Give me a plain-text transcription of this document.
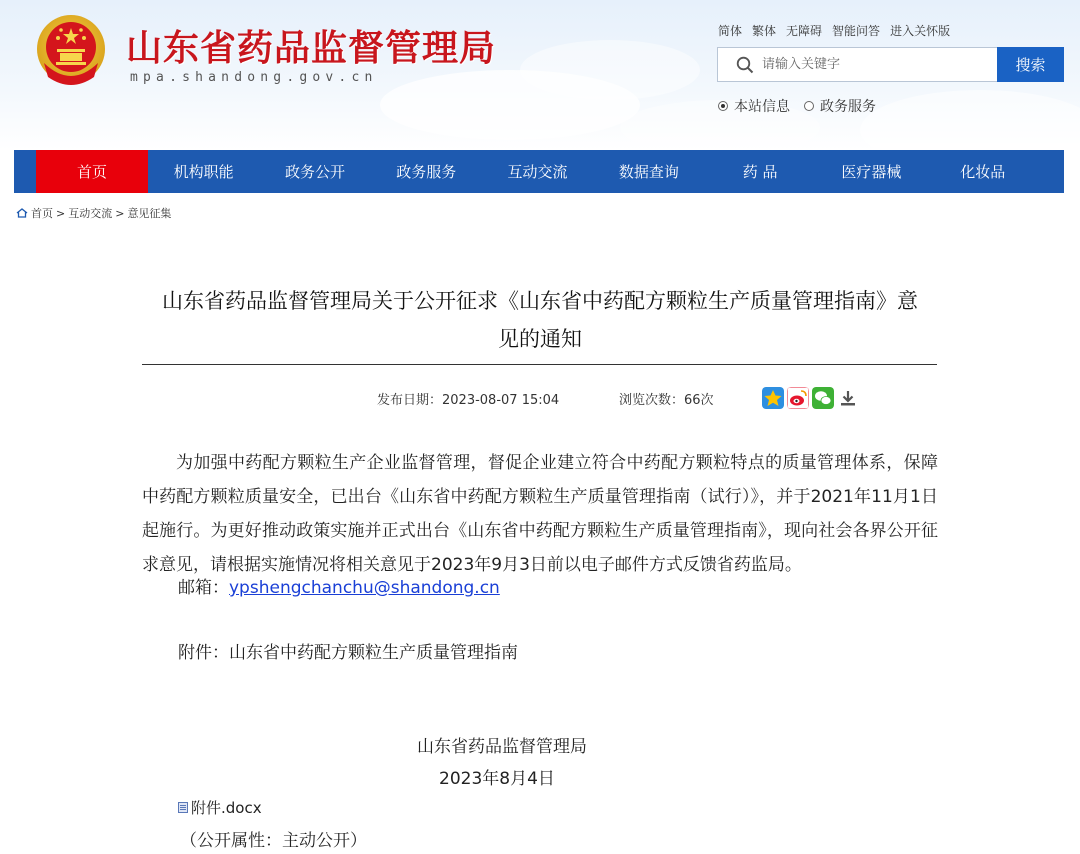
山东省药品监督管理局
mpa.shandong.gov.cn
简体 繁体 无障碍 智能问答 进入关怀版
请输入关键字
搜索
本站信息 政务服务
首页	机构职能	政务公开	政务服务	互动交流	数据查询	药 品	医疗器械	化妆品
首页 > 互动交流 > 意见征集
山东省药品监督管理局关于公开征求《山东省中药配方颗粒生产质量管理指南》意
见的通知
发布日期：2023-08-07 15:04	浏览次数：66次
为加强中药配方颗粒生产企业监督管理，督促企业建立符合中药配方颗粒特点的质量管理体系，保障中药配方颗粒质量安全，已出台《山东省中药配方颗粒生产质量管理指南（试行）》，并于2021年11月1日起施行。为更好推动政策实施并正式出台《山东省中药配方颗粒生产质量管理指南》，现向社会各界公开征求意见，请根据实施情况将相关意见于2023年9月3日前以电子邮件方式反馈省药监局。
邮箱：ypshengchanchu@shandong.cn
附件：山东省中药配方颗粒生产质量管理指南
山东省药品监督管理局
2023年8月4日
附件.docx
（公开属性：主动公开）
